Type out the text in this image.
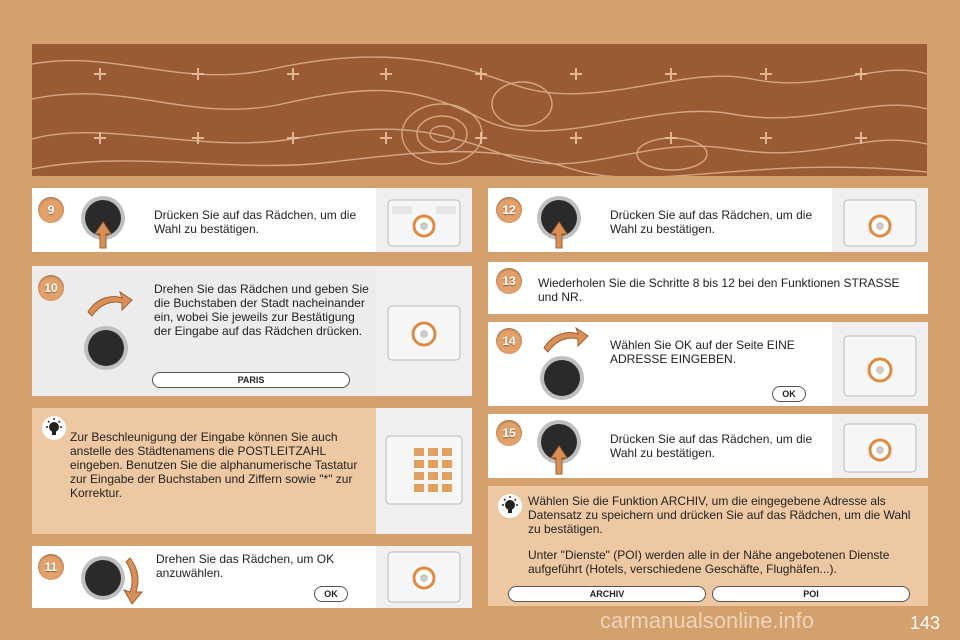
9	Drücken Sie auf das Rädchen, um die Wahl zu bestätigen.
10	Drehen Sie das Rädchen und geben Sie die Buchstaben der Stadt nacheinander ein, wobei Sie jeweils zur Bestätigung der Eingabe auf das Rädchen drücken.
PARIS
Zur Beschleunigung der Eingabe können Sie auch anstelle des Städtenamens die POSTLEITZAHL eingeben. Benutzen Sie die alphanumerische Tastatur zur Eingabe der Buchstaben und Ziffern sowie "*" zur Korrektur.
11
Drehen Sie das Rädchen, um OK anzuwählen.
OK
12	Drücken Sie auf das Rädchen, um die Wahl zu bestätigen.
13	Wiederholen Sie die Schritte 8 bis 12 bei den Funktionen STRASSE und NR.
14	Wählen Sie OK auf der Seite EINE ADRESSE EINGEBEN.
OK
15	Drücken Sie auf das Rädchen, um die Wahl zu bestätigen.
Wählen Sie die Funktion ARCHIV, um die eingegebene Adresse als Datensatz zu speichern und drücken Sie auf das Rädchen, um die Wahl zu bestätigen.
Unter "Dienste" (POI) werden alle in der Nähe angebotenen Dienste aufgeführt (Hotels, verschiedene Geschäfte, Flughäfen...).
ARCHIV	POI
carmanualsonline.info	143
